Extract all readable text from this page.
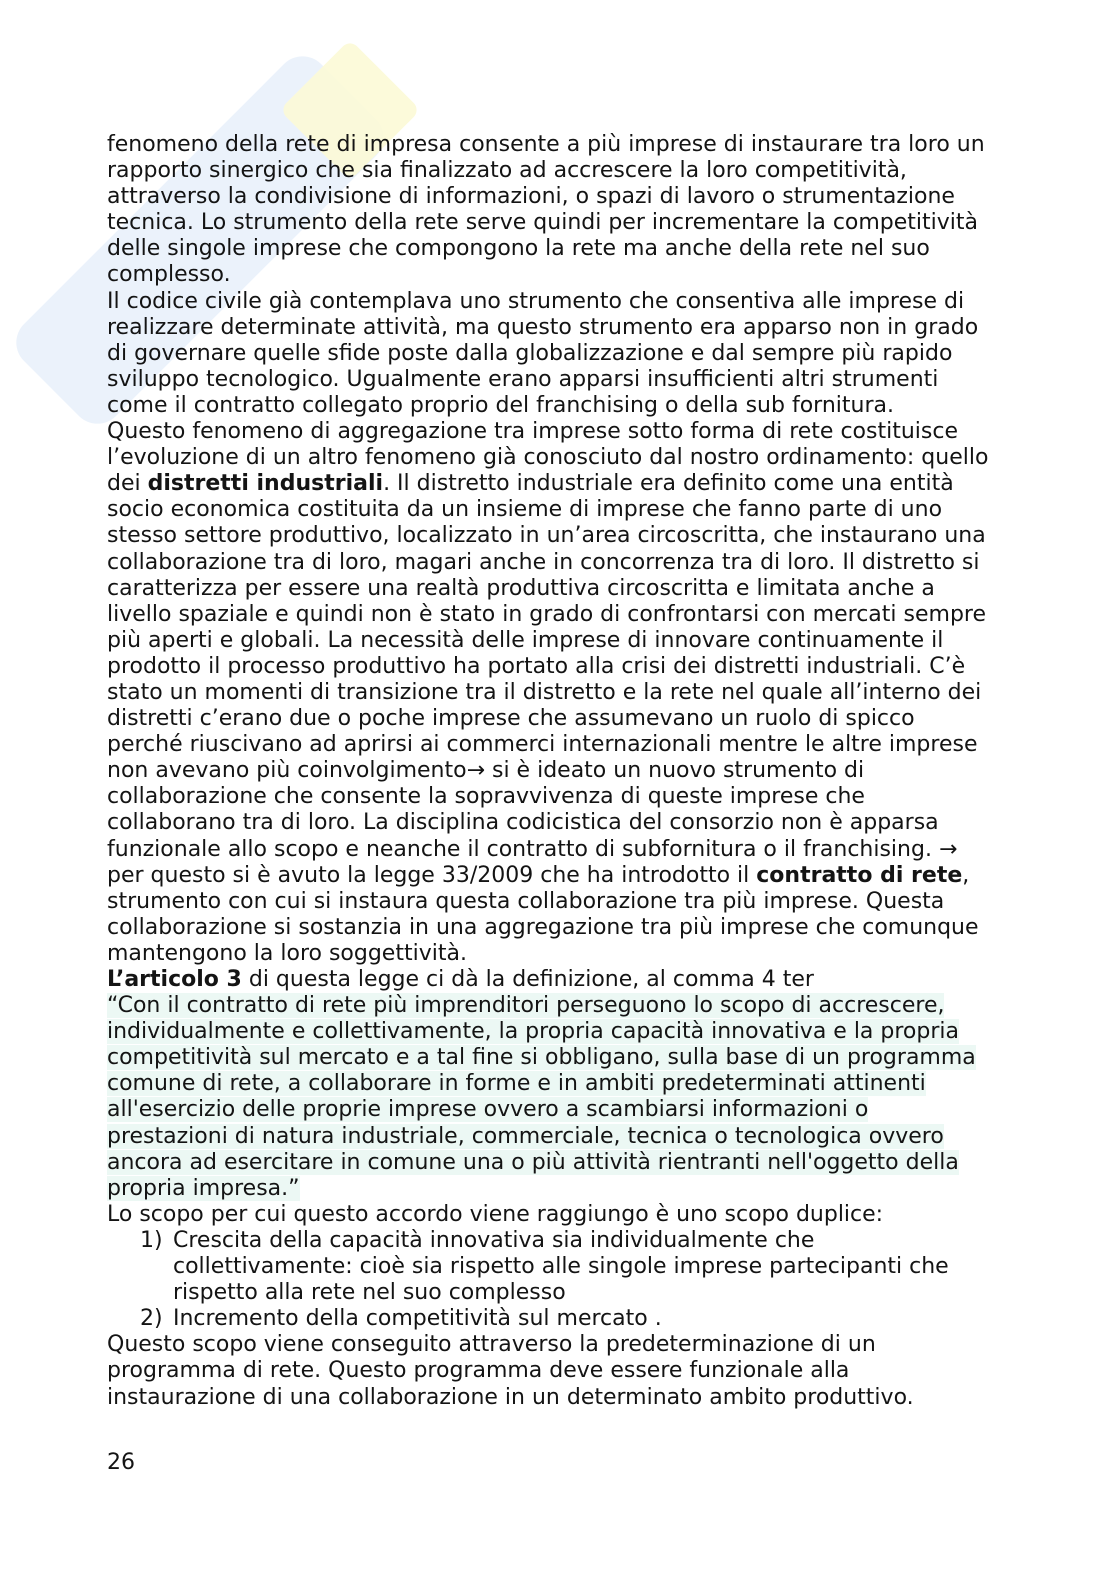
fenomeno della rete di impresa consente a più imprese di instaurare tra loro un
rapporto sinergico che sia finalizzato ad accrescere la loro competitività,
attraverso la condivisione di informazioni, o spazi di lavoro o strumentazione
tecnica. Lo strumento della rete serve quindi per incrementare la competitività
delle singole imprese che compongono la rete ma anche della rete nel suo
complesso.
Il codice civile già contemplava uno strumento che consentiva alle imprese di
realizzare determinate attività, ma questo strumento era apparso non in grado
di governare quelle sfide poste dalla globalizzazione e dal sempre più rapido
sviluppo tecnologico. Ugualmente erano apparsi insufficienti altri strumenti
come il contratto collegato proprio del franchising o della sub fornitura.
Questo fenomeno di aggregazione tra imprese sotto forma di rete costituisce
l’evoluzione di un altro fenomeno già conosciuto dal nostro ordinamento: quello
dei distretti industriali. Il distretto industriale era definito come una entità
socio economica costituita da un insieme di imprese che fanno parte di uno
stesso settore produttivo, localizzato in un’area circoscritta, che instaurano una
collaborazione tra di loro, magari anche in concorrenza tra di loro. Il distretto si
caratterizza per essere una realtà produttiva circoscritta e limitata anche a
livello spaziale e quindi non è stato in grado di confrontarsi con mercati sempre
più aperti e globali. La necessità delle imprese di innovare continuamente il
prodotto il processo produttivo ha portato alla crisi dei distretti industriali. C’è
stato un momenti di transizione tra il distretto e la rete nel quale all’interno dei
distretti c’erano due o poche imprese che assumevano un ruolo di spicco
perché riuscivano ad aprirsi ai commerci internazionali mentre le altre imprese
non avevano più coinvolgimento→ si è ideato un nuovo strumento di
collaborazione che consente la sopravvivenza di queste imprese che
collaborano tra di loro. La disciplina codicistica del consorzio non è apparsa
funzionale allo scopo e neanche il contratto di subfornitura o il franchising. →
per questo si è avuto la legge 33/2009 che ha introdotto il contratto di rete,
strumento con cui si instaura questa collaborazione tra più imprese. Questa
collaborazione si sostanzia in una aggregazione tra più imprese che comunque
mantengono la loro soggettività.
L’articolo 3 di questa legge ci dà la definizione, al comma 4 ter
“Con il contratto di rete più imprenditori perseguono lo scopo di accrescere,
individualmente e collettivamente, la propria capacità innovativa e la propria
competitività sul mercato e a tal fine si obbligano, sulla base di un programma
comune di rete, a collaborare in forme e in ambiti predeterminati attinenti
all'esercizio delle proprie imprese ovvero a scambiarsi informazioni o
prestazioni di natura industriale, commerciale, tecnica o tecnologica ovvero
ancora ad esercitare in comune una o più attività rientranti nell'oggetto della
propria impresa.”
Lo scopo per cui questo accordo viene raggiungo è uno scopo duplice:
1) Crescita della capacità innovativa sia individualmente che
collettivamente: cioè sia rispetto alle singole imprese partecipanti che
rispetto alla rete nel suo complesso
2) Incremento della competitività sul mercato .
Questo scopo viene conseguito attraverso la predeterminazione di un
programma di rete. Questo programma deve essere funzionale alla
instaurazione di una collaborazione in un determinato ambito produttivo.
26
